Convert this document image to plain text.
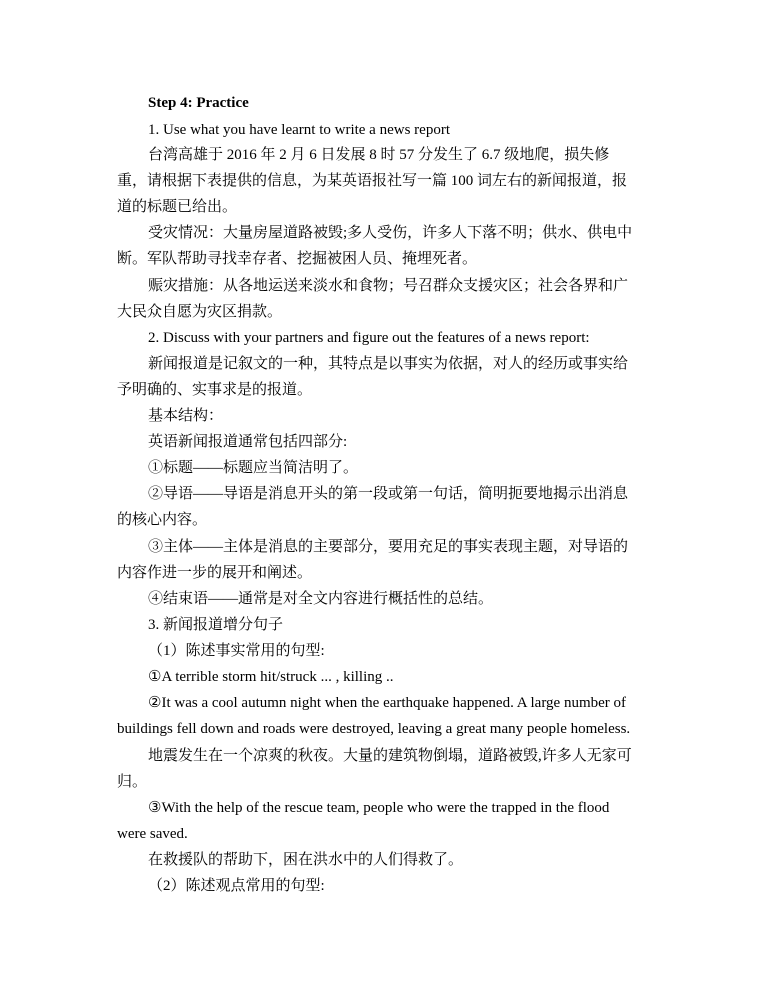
Step 4: Practice
1. Use what you have learnt to write a news report
台湾高雄于 2016 年 2 月 6 日发展 8 时 57 分发生了 6.7 级地爬，损失修
重，请根据下表提供的信息，为某英语报社写一篇 100 词左右的新闻报道，报
道的标题已给出。
受灾情况：大量房屋道路被毁;多人受伤，许多人下落不明；供水、供电中
断。军队帮助寻找幸存者、挖掘被困人员、掩埋死者。
赈灾措施：从各地运送来淡水和食物；号召群众支援灾区；社会各界和广
大民众自愿为灾区捐款。
2. Discuss with your partners and figure out the features of a news report:
新闻报道是记叙文的一种，其特点是以事实为依据，对人的经历或事实给
予明确的、实事求是的报道。
基本结构：
英语新闻报道通常包括四部分:
①标题——标题应当简洁明了。
②导语——导语是消息开头的第一段或第一句话，简明扼要地揭示出消息
的核心内容。
③主体——主体是消息的主要部分，要用充足的事实表现主题，对导语的
内容作进一步的展开和阐述。
④结束语——通常是对全文内容进行概括性的总结。
3. 新闻报道增分句子
（1）陈述事实常用的句型:
①A terrible storm hit/struck ... , killing ..
②It was a cool autumn night when the earthquake happened. A large number of
buildings fell down and roads were destroyed, leaving a great many people homeless.
地震发生在一个凉爽的秋夜。大量的建筑物倒塌，道路被毁,许多人无家可
归。
③With the help of the rescue team, people who were the trapped in the flood
were saved.
在救援队的帮助下，困在洪水中的人们得救了。
（2）陈述观点常用的句型:
